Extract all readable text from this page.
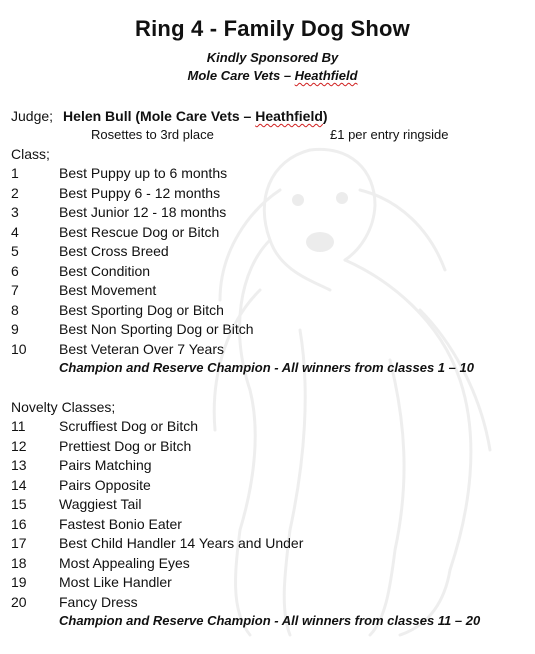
Ring 4 - Family Dog Show
Kindly Sponsored By
Mole Care Vets – Heathfield
Judge; Helen Bull (Mole Care Vets – Heathfield)
Rosettes to 3rd place	£1 per entry ringside
Class;
1	Best Puppy up to 6 months
2	Best Puppy 6 - 12 months
3	Best Junior 12 - 18 months
4	Best Rescue Dog or Bitch
5	Best Cross Breed
6	Best Condition
7	Best Movement
8	Best Sporting Dog or Bitch
9	Best Non Sporting Dog or Bitch
10 Best Veteran Over 7 Years
Champion and Reserve Champion - All winners from classes 1 – 10
Novelty Classes;
11 Scruffiest Dog or Bitch
12 Prettiest Dog or Bitch
13 Pairs Matching
14 Pairs Opposite
15 Waggiest Tail
16 Fastest Bonio Eater
17 Best Child Handler 14 Years and Under
18 Most Appealing Eyes
19 Most Like Handler
20 Fancy Dress
Champion and Reserve Champion - All winners from classes 11 – 20
